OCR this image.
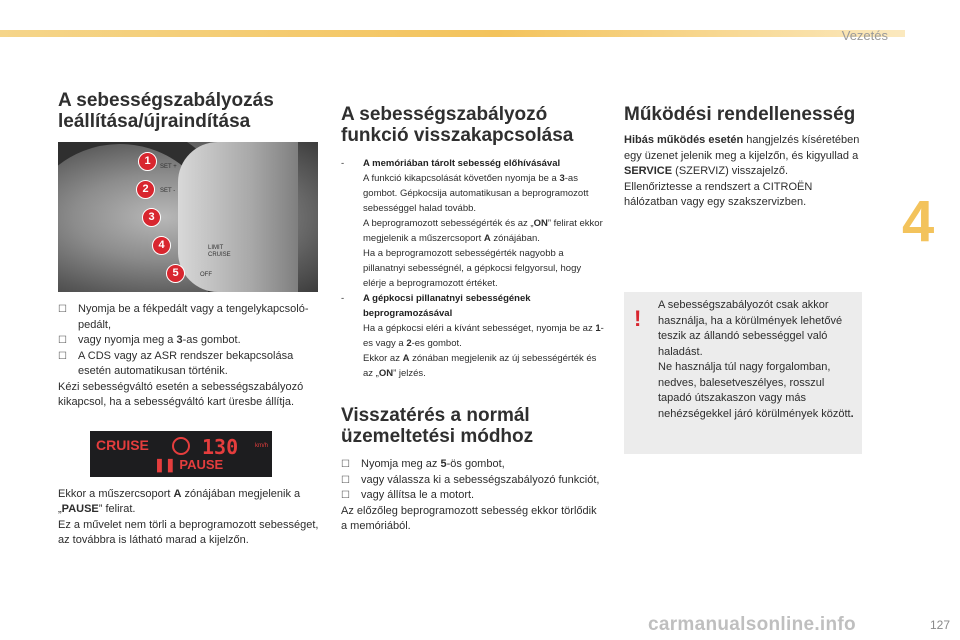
Vezetés
4
A sebességszabályozás
leállítása/újraindítása
SET +
SET -
LIMIT
CRUISE
OFF
1
2
3
4
5
☐ Nyomja be a fékpedált vagy a tengelykapcsoló-pedált,
☐ vagy nyomja meg a 3-as gombot.
☐ A CDS vagy az ASR rendszer bekapcsolása esetén automatikusan történik.
Kézi sebességváltó esetén a sebességszabályozó kikapcsol, ha a sebességváltó kart üresbe állítja.
CRUISE	130	km/h
❚❚ PAUSE
Ekkor a műszercsoport A zónájában megjelenik a „PAUSE” felirat.
Ez a művelet nem törli a beprogramozott sebességet, az továbbra is látható marad a kijelzőn.
A sebességszabályozó
funkció visszakapcsolása
- A memóriában tárolt sebesség előhívásával
A funkció kikapcsolását követően nyomja be a 3-as gombot. Gépkocsija automatikusan a beprogramozott sebességgel halad tovább.
A beprogramozott sebességérték és az „ON” felirat ekkor megjelenik a műszercsoport A zónájában.
Ha a beprogramozott sebességérték nagyobb a pillanatnyi sebességnél, a gépkocsi felgyorsul, hogy elérje a beprogramozott értéket.
- A gépkocsi pillanatnyi sebességének beprogramozásával
Ha a gépkocsi eléri a kívánt sebességet, nyomja be az 1-es vagy a 2-es gombot.
Ekkor az A zónában megjelenik az új sebességérték és az „ON” jelzés.
Visszatérés a normál
üzemeltetési módhoz
☐ Nyomja meg az 5-ös gombot,
☐ vagy válassza ki a sebességszabályozó funkciót,
☐ vagy állítsa le a motort.
Az előzőleg beprogramozott sebesség ekkor törlődik a memóriából.
Működési rendellenesség
Hibás működés esetén hangjelzés kíséretében egy üzenet jelenik meg a kijelzőn, és kigyullad a SERVICE (SZERVIZ) visszajelző.
Ellenőriztesse a rendszert a CITROËN hálózatban vagy egy szakszervizben.
!

A sebességszabályozót csak akkor használja, ha a körülmények lehetővé teszik az állandó sebességgel való haladást.

Ne használja túl nagy forgalomban, nedves, balesetveszélyes, rosszul tapadó útszakaszon vagy más nehézségekkel járó körülmények között.

carmanualsonline.info	127
